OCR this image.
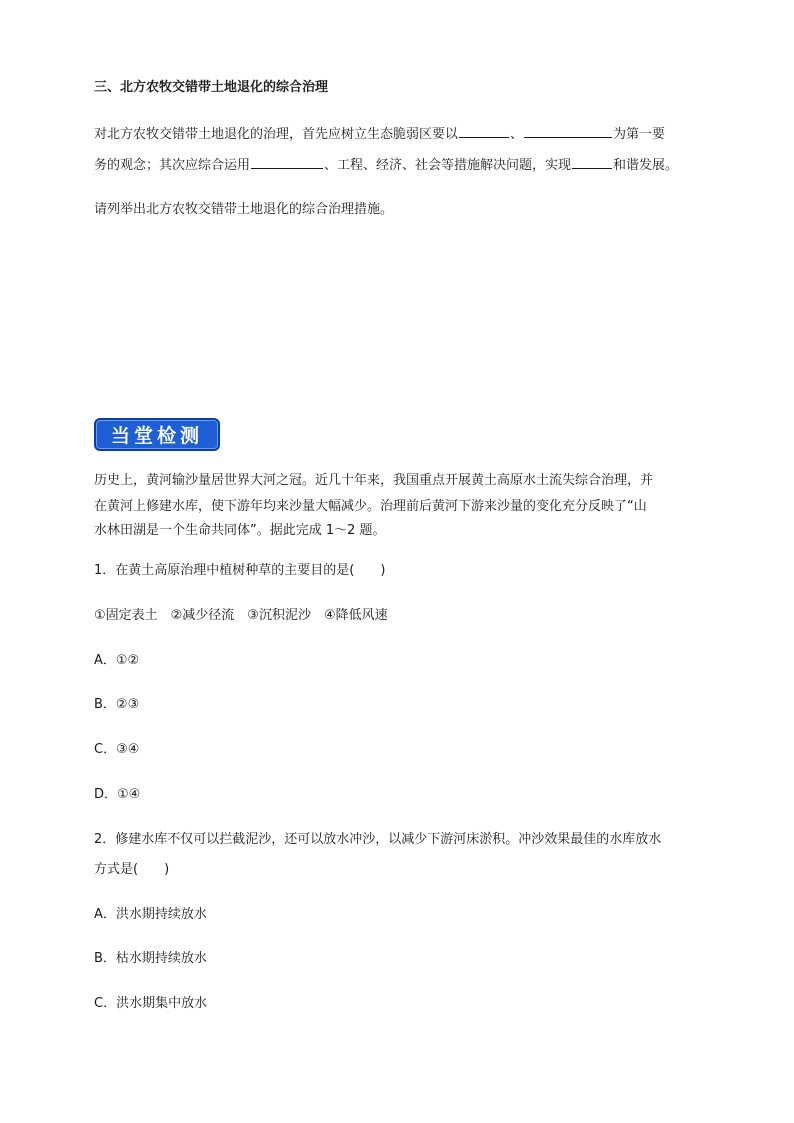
三、北方农牧交错带土地退化的综合治理
对北方农牧交错带土地退化的治理，首先应树立生态脆弱区要以	、	为第一要
务的观念；其次应综合运用	、工程、经济、社会等措施解决问题，实现	和谐发展。
请列举出北方农牧交错带土地退化的综合治理措施。
当堂检测
历史上，黄河输沙量居世界大河之冠。近几十年来，我国重点开展黄土高原水土流失综合治理，并
在黄河上修建水库，使下游年均来沙量大幅减少。治理前后黄河下游来沙量的变化充分反映了“山
水林田湖是一个生命共同体”。据此完成 1～2 题。
1．在黄土高原治理中植树种草的主要目的是(　　)
①固定表土　②减少径流　③沉积泥沙　④降低风速
A．①②
B．②③
C．③④
D．①④
2．修建水库不仅可以拦截泥沙，还可以放水冲沙，以减少下游河床淤积。冲沙效果最佳的水库放水
方式是(　　)
A．洪水期持续放水
B．枯水期持续放水
C．洪水期集中放水
